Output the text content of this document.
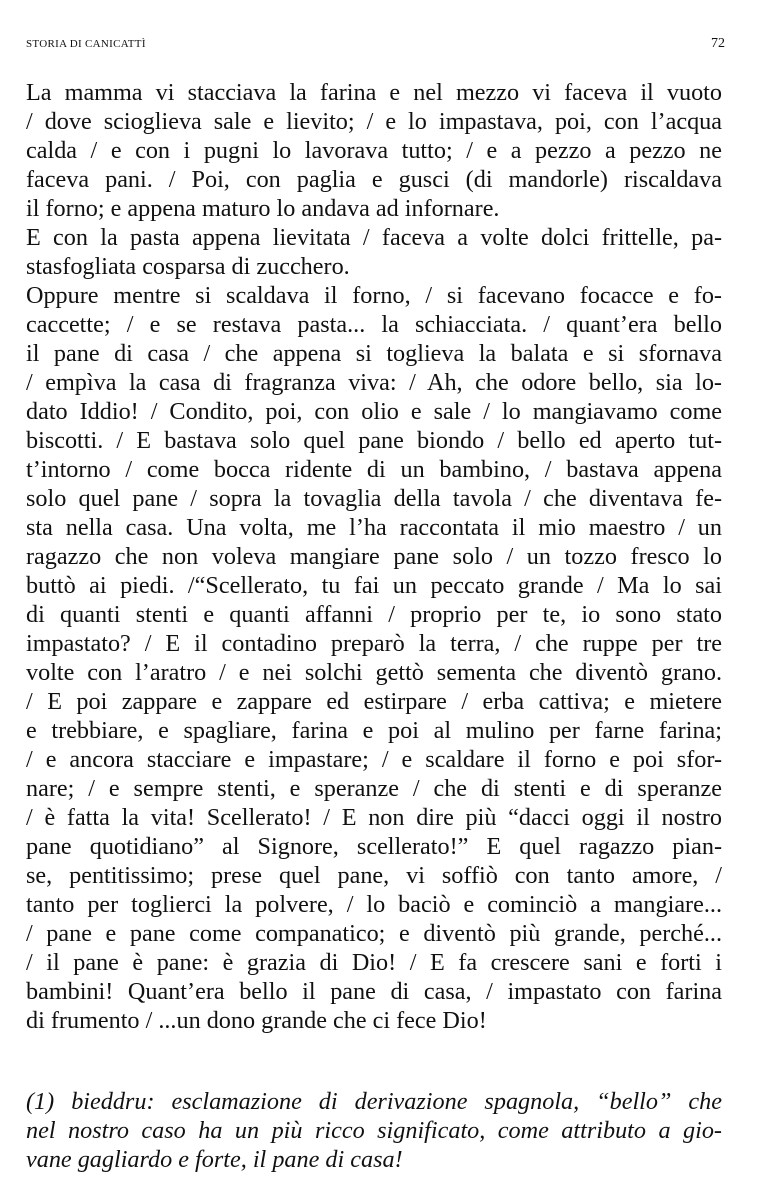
STORIA DI CANICATTÌ	72
La mamma vi stacciava la farina e nel mezzo vi faceva il vuoto
/ dove scioglieva sale e lievito; / e lo impastava, poi, con l’acqua
calda / e con i pugni lo lavorava tutto; / e a pezzo a pezzo ne
faceva pani. / Poi, con paglia e gusci (di mandorle) riscaldava
il forno; e appena maturo lo andava ad infornare.
E con la pasta appena lievitata / faceva a volte dolci frittelle, pa-
stasfogliata cosparsa di zucchero.
Oppure mentre si scaldava il forno, / si facevano focacce e fo-
caccette; / e se restava pasta... la schiacciata. / quant’era bello
il pane di casa / che appena si toglieva la balata e si sfornava
/ empìva la casa di fragranza viva: / Ah, che odore bello, sia lo-
dato Iddio! / Condito, poi, con olio e sale / lo mangiavamo come
biscotti. / E bastava solo quel pane biondo / bello ed aperto tut-
t’intorno / come bocca ridente di un bambino, / bastava appena
solo quel pane / sopra la tovaglia della tavola / che diventava fe-
sta nella casa. Una volta, me l’ha raccontata il mio maestro / un
ragazzo che non voleva mangiare pane solo / un tozzo fresco lo
buttò ai piedi. /“Scellerato, tu fai un peccato grande / Ma lo sai
di quanti stenti e quanti affanni / proprio per te, io sono stato
impastato? / E il contadino preparò la terra, / che ruppe per tre
volte con l’aratro / e nei solchi gettò sementa che diventò grano.
/ E poi zappare e zappare ed estirpare / erba cattiva; e mietere
e trebbiare, e spagliare, farina e poi al mulino per farne farina;
/ e ancora stacciare e impastare; / e scaldare il forno e poi sfor-
nare; / e sempre stenti, e speranze / che di stenti e di speranze
/ è fatta la vita! Scellerato! / E non dire più “dacci oggi il nostro
pane quotidiano” al Signore, scellerato!” E quel ragazzo pian-
se, pentitissimo; prese quel pane, vi soffiò con tanto amore, /
tanto per toglierci la polvere, / lo baciò e cominciò a mangiare...
/ pane e pane come companatico; e diventò più grande, perché...
/ il pane è pane: è grazia di Dio! / E fa crescere sani e forti i
bambini! Quant’era bello il pane di casa, / impastato con farina
di frumento / ...un dono grande che ci fece Dio!
(1) bieddru: esclamazione di derivazione spagnola, “bello” che
nel nostro caso ha un più ricco significato, come attributo a gio-
vane gagliardo e forte, il pane di casa!
